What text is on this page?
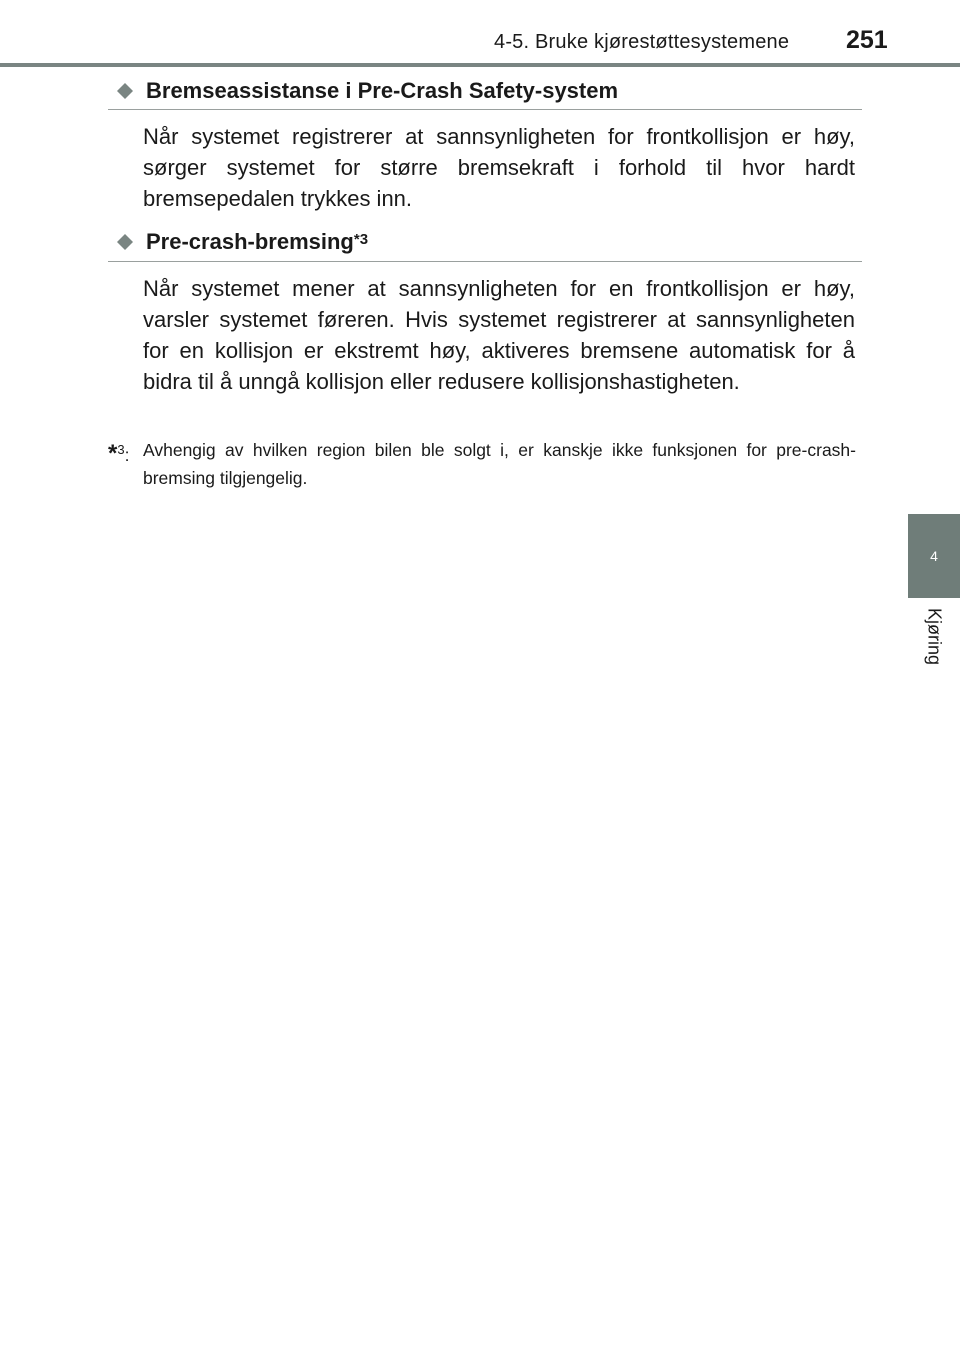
4-5. Bruke kjørestøttesystemene 251
4
Kjøring
Bremseassistanse i Pre-Crash Safety-system
Når systemet registrerer at sannsynligheten for frontkollisjon er høy, sørger systemet for større bremsekraft i forhold til hvor hardt bremsepedalen trykkes inn.
Pre-crash-bremsing$^{*3}$
Når systemet mener at sannsynligheten for en frontkollisjon er høy, varsler systemet føreren. Hvis systemet registrerer at sannsynligheten for en kollisjon er ekstremt høy, aktiveres bremsene automatisk for å bidra til å unngå kollisjon eller redusere kollisjonshastigheten.
*$^3$: Avhengig av hvilken region bilen ble solgt i, er kanskje ikke funksjonen for pre-crash-bremsing tilgjengelig.
